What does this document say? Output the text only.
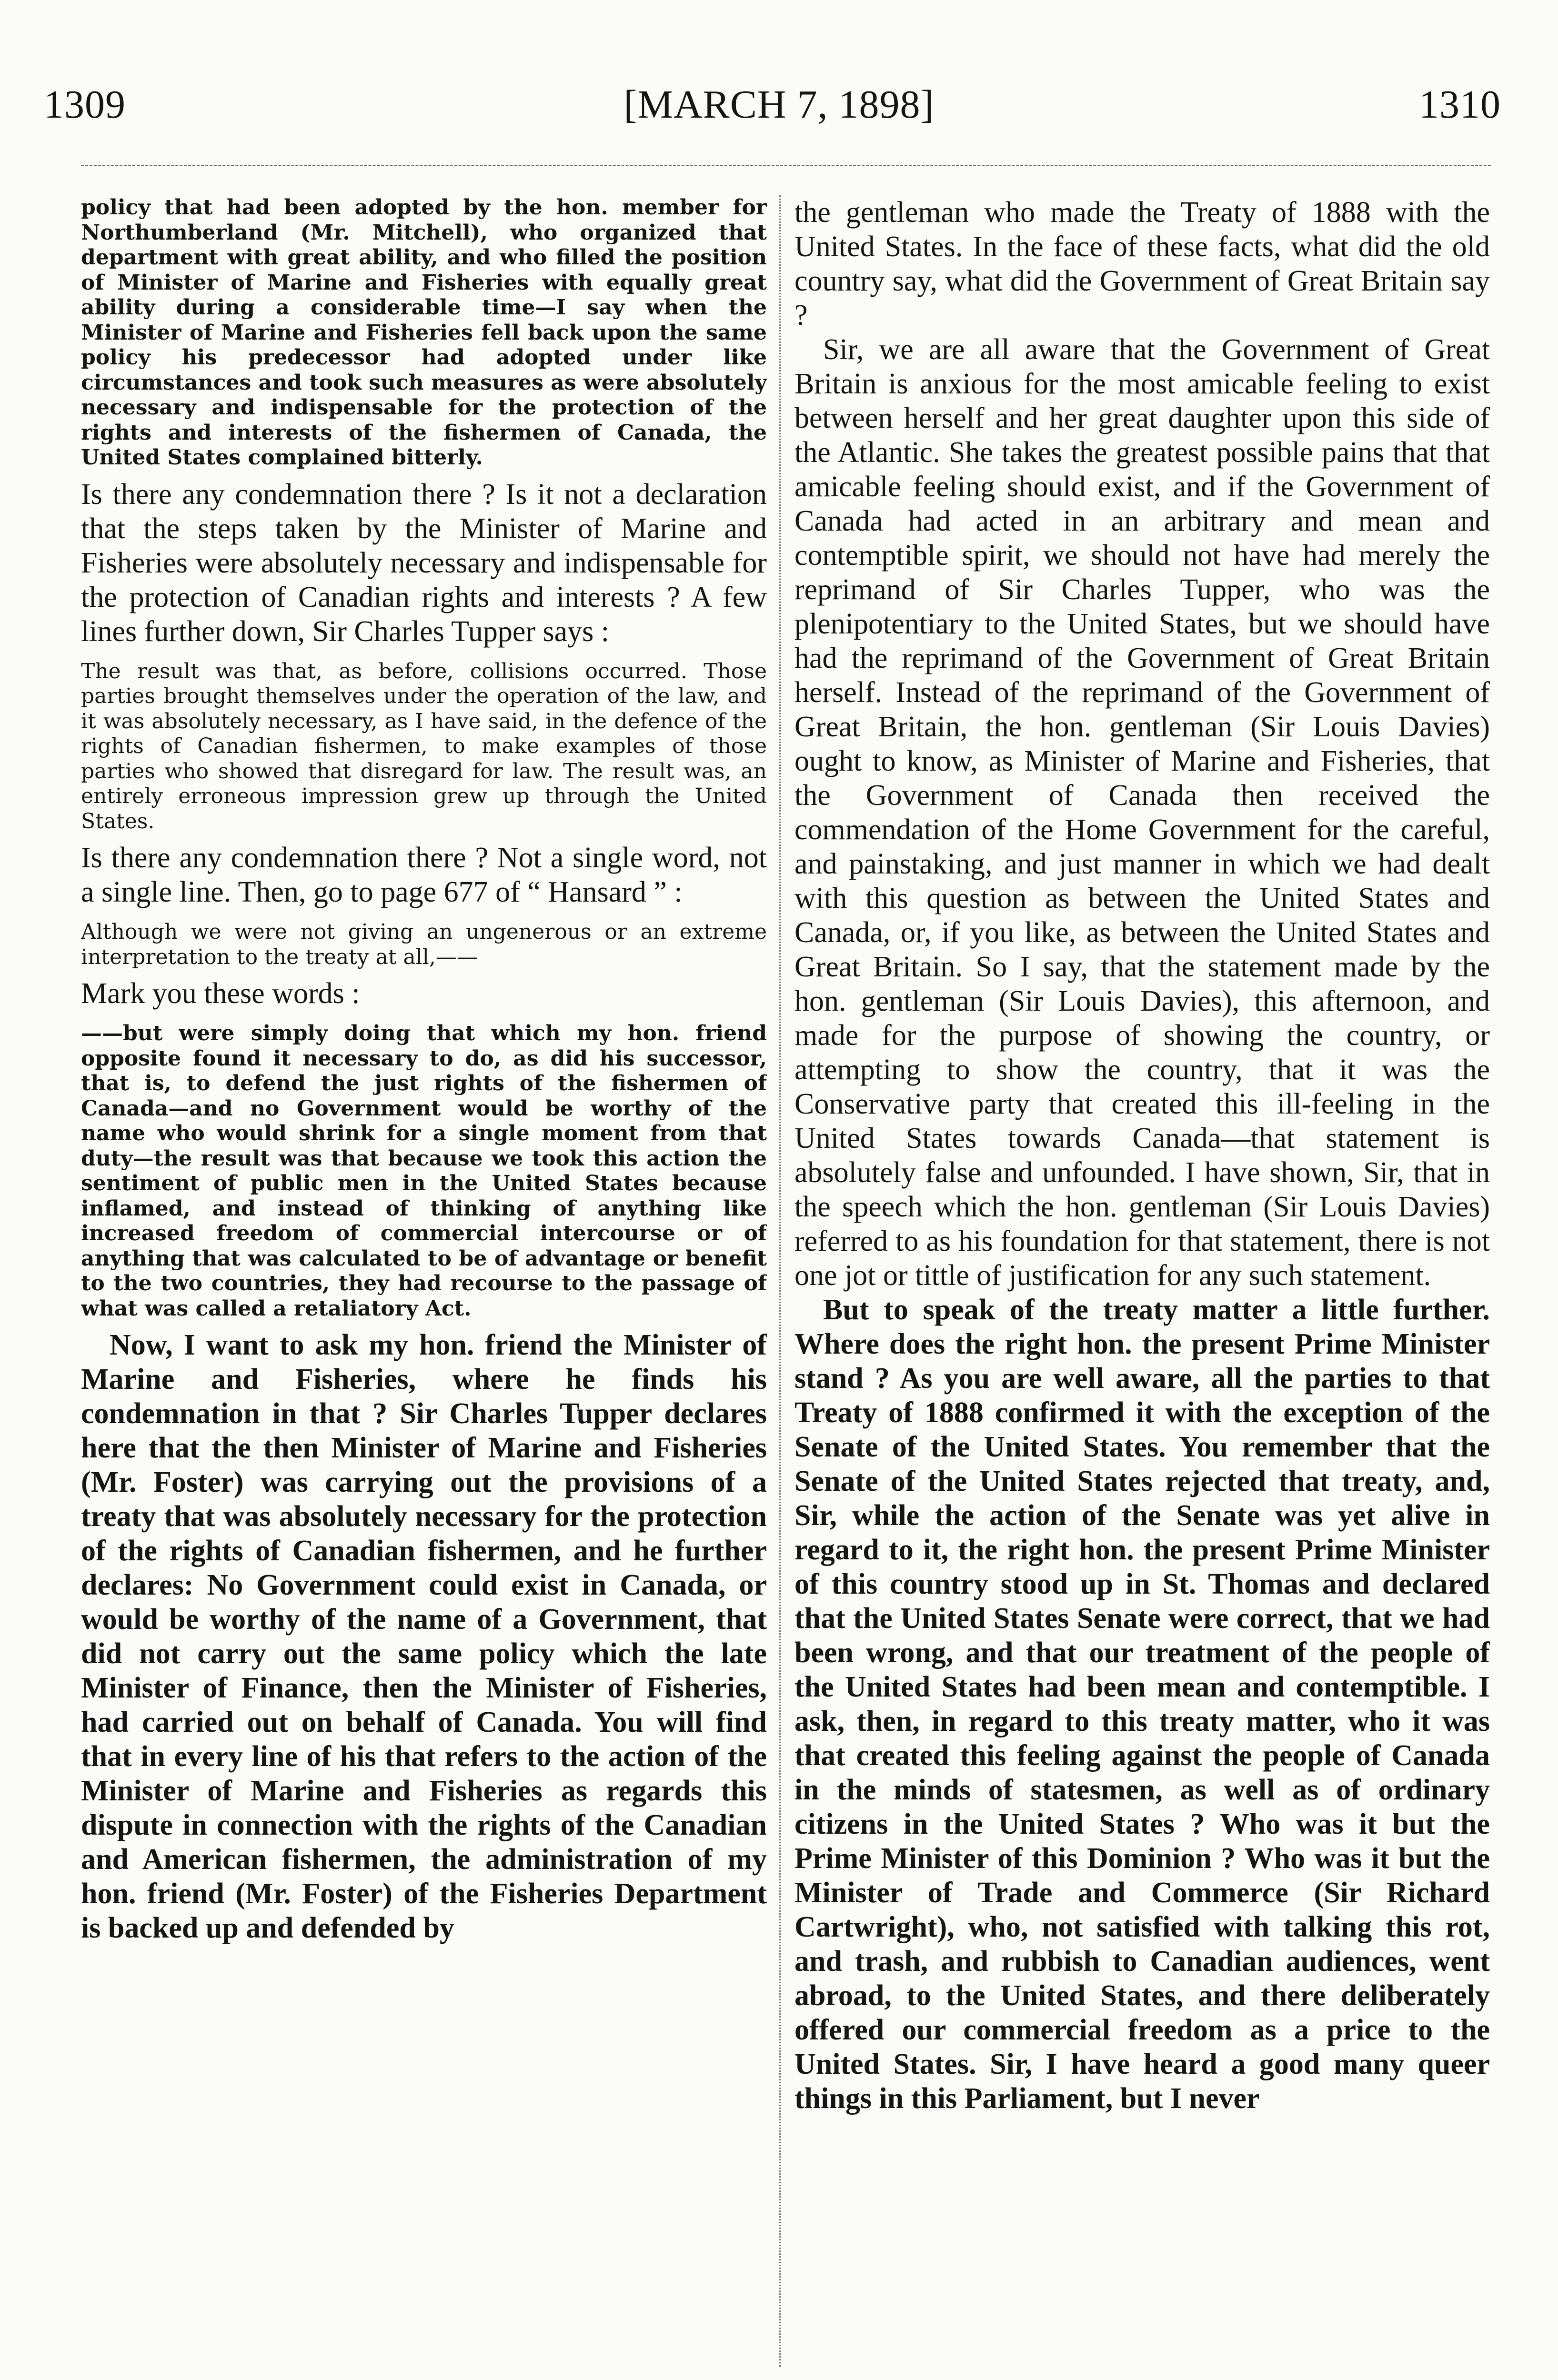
1309	[MARCH 7, 1898]	1310

policy that had been adopted by the hon. member for Northumberland (Mr. Mitchell), who organized that department with great ability, and who filled the position of Minister of Marine and Fisheries with equally great ability during a considerable time—I say when the Minister of Marine and Fisheries fell back upon the same policy his predecessor had adopted under like circumstances and took such measures as were absolutely necessary and indispensable for the protection of the rights and interests of the fishermen of Canada, the United States complained bitterly.

Is there any condemnation there ? Is it not a declaration that the steps taken by the Minister of Marine and Fisheries were absolutely necessary and indispensable for the protection of Canadian rights and interests ? A few lines further down, Sir Charles Tupper says :

The result was that, as before, collisions occurred. Those parties brought themselves under the operation of the law, and it was absolutely necessary, as I have said, in the defence of the rights of Canadian fishermen, to make examples of those parties who showed that disregard for law. The result was, an entirely erroneous impression grew up through the United States.

Is there any condemnation there ? Not a single word, not a single line. Then, go to page 677 of “ Hansard ” :

Although we were not giving an ungenerous or an extreme interpretation to the treaty at all,——

Mark you these words :

——but were simply doing that which my hon. friend opposite found it necessary to do, as did his successor, that is, to defend the just rights of the fishermen of Canada—and no Government would be worthy of the name who would shrink for a single moment from that duty—the result was that because we took this action the sentiment of public men in the United States because inflamed, and instead of thinking of anything like increased freedom of commercial intercourse or of anything that was calculated to be of advantage or benefit to the two countries, they had recourse to the passage of what was called a retaliatory Act.

Now, I want to ask my hon. friend the Minister of Marine and Fisheries, where he finds his condemnation in that ? Sir Charles Tupper declares here that the then Minister of Marine and Fisheries (Mr. Foster) was carrying out the provisions of a treaty that was absolutely necessary for the protection of the rights of Canadian fishermen, and he further declares: No Government could exist in Canada, or would be worthy of the name of a Government, that did not carry out the same policy which the late Minister of Finance, then the Minister of Fisheries, had carried out on behalf of Canada. You will find that in every line of his that refers to the action of the Minister of Marine and Fisheries as regards this dispute in connection with the rights of the Canadian and American fishermen, the administration of my hon. friend (Mr. Foster) of the Fisheries Department is backed up and defended by

the gentleman who made the Treaty of 1888 with the United States. In the face of these facts, what did the old country say, what did the Government of Great Britain say ?

Sir, we are all aware that the Government of Great Britain is anxious for the most amicable feeling to exist between herself and her great daughter upon this side of the Atlantic. She takes the greatest possible pains that that amicable feeling should exist, and if the Government of Canada had acted in an arbitrary and mean and contemptible spirit, we should not have had merely the reprimand of Sir Charles Tupper, who was the plenipotentiary to the United States, but we should have had the reprimand of the Government of Great Britain herself. Instead of the reprimand of the Government of Great Britain, the hon. gentleman (Sir Louis Davies) ought to know, as Minister of Marine and Fisheries, that the Government of Canada then received the commendation of the Home Government for the careful, and painstaking, and just manner in which we had dealt with this question as between the United States and Canada, or, if you like, as between the United States and Great Britain. So I say, that the statement made by the hon. gentleman (Sir Louis Davies), this afternoon, and made for the purpose of showing the country, or attempting to show the country, that it was the Conservative party that created this ill-feeling in the United States towards Canada—that statement is absolutely false and unfounded. I have shown, Sir, that in the speech which the hon. gentleman (Sir Louis Davies) referred to as his foundation for that statement, there is not one jot or tittle of justification for any such statement.

But to speak of the treaty matter a little further. Where does the right hon. the present Prime Minister stand ? As you are well aware, all the parties to that Treaty of 1888 confirmed it with the exception of the Senate of the United States. You remember that the Senate of the United States rejected that treaty, and, Sir, while the action of the Senate was yet alive in regard to it, the right hon. the present Prime Minister of this country stood up in St. Thomas and declared that the United States Senate were correct, that we had been wrong, and that our treatment of the people of the United States had been mean and contemptible. I ask, then, in regard to this treaty matter, who it was that created this feeling against the people of Canada in the minds of statesmen, as well as of ordinary citizens in the United States ? Who was it but the Prime Minister of this Dominion ? Who was it but the Minister of Trade and Commerce (Sir Richard Cartwright), who, not satisfied with talking this rot, and trash, and rubbish to Canadian audiences, went abroad, to the United States, and there deliberately offered our commercial freedom as a price to the United States. Sir, I have heard a good many queer things in this Parliament, but I never
